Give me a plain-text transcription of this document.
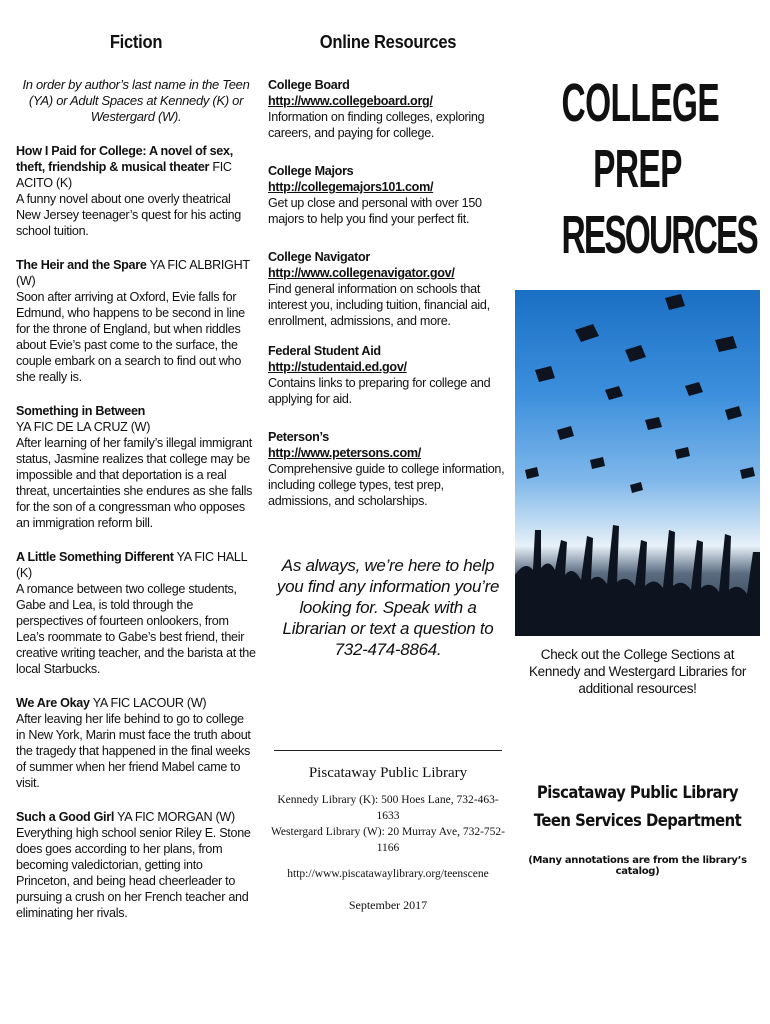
Fiction

In order by author’s last name in the Teen (YA) or Adult Spaces at Kennedy (K) or Westergard (W).

How I Paid for College: A novel of sex, theft, friendship & musical theater FIC ACITO (K)
A funny novel about one overly theatrical New Jersey teenager’s quest for his acting school tuition.
The Heir and the Spare YA FIC ALBRIGHT (W)
Soon after arriving at Oxford, Evie falls for Edmund, who happens to be second in line for the throne of England, but when riddles about Evie’s past come to the surface, the couple embark on a search to find out who she really is.
Something in Between
YA FIC DE LA CRUZ (W)
After learning of her family’s illegal immigrant status, Jasmine realizes that college may be impossible and that deportation is a real threat, uncertainties she endures as she falls for the son of a congressman who opposes an immigration reform bill.
A Little Something Different YA FIC HALL (K)
A romance between two college students, Gabe and Lea, is told through the perspectives of fourteen onlookers, from Lea’s roommate to Gabe’s best friend, their creative writing teacher, and the barista at the local Starbucks.
We Are Okay YA FIC LACOUR (W)
After leaving her life behind to go to college in New York, Marin must face the truth about the tragedy that happened in the final weeks of summer when her friend Mabel came to visit.
Such a Good Girl YA FIC MORGAN (W)
Everything high school senior Riley E. Stone does goes according to her plans, from becoming valedictorian, getting into Princeton, and being head cheerleader to pursuing a crush on her French teacher and eliminating her rivals.
Online Resources
College Board
http://www.collegeboard.org/
Information on finding colleges, exploring careers, and paying for college.
College Majors
http://collegemajors101.com/
Get up close and personal with over 150 majors to help you find your perfect fit.
College Navigator
http://www.collegenavigator.gov/
Find general information on schools that interest you, including tuition, financial aid, enrollment, admissions, and more.
Federal Student Aid
http://studentaid.ed.gov/
Contains links to preparing for college and applying for aid.
Peterson’s
http://www.petersons.com/
Comprehensive guide to college information, including college types, test prep, admissions, and scholarships.
As always, we’re here to help you find any information you’re looking for. Speak with a Librarian or text a question to 732-474-8864.
Piscataway Public Library
Kennedy Library (K): 500 Hoes Lane, 732-463-1633
Westergard Library (W): 20 Murray Ave, 732-752-1166
http://www.piscatawaylibrary.org/teenscene
September 2017
COLLEGE
PREP
RESOURCES
Check out the College Sections at Kennedy and Westergard Libraries for additional resources!
Piscataway Public Library
Teen Services Department
(Many annotations are from the library’s catalog)
